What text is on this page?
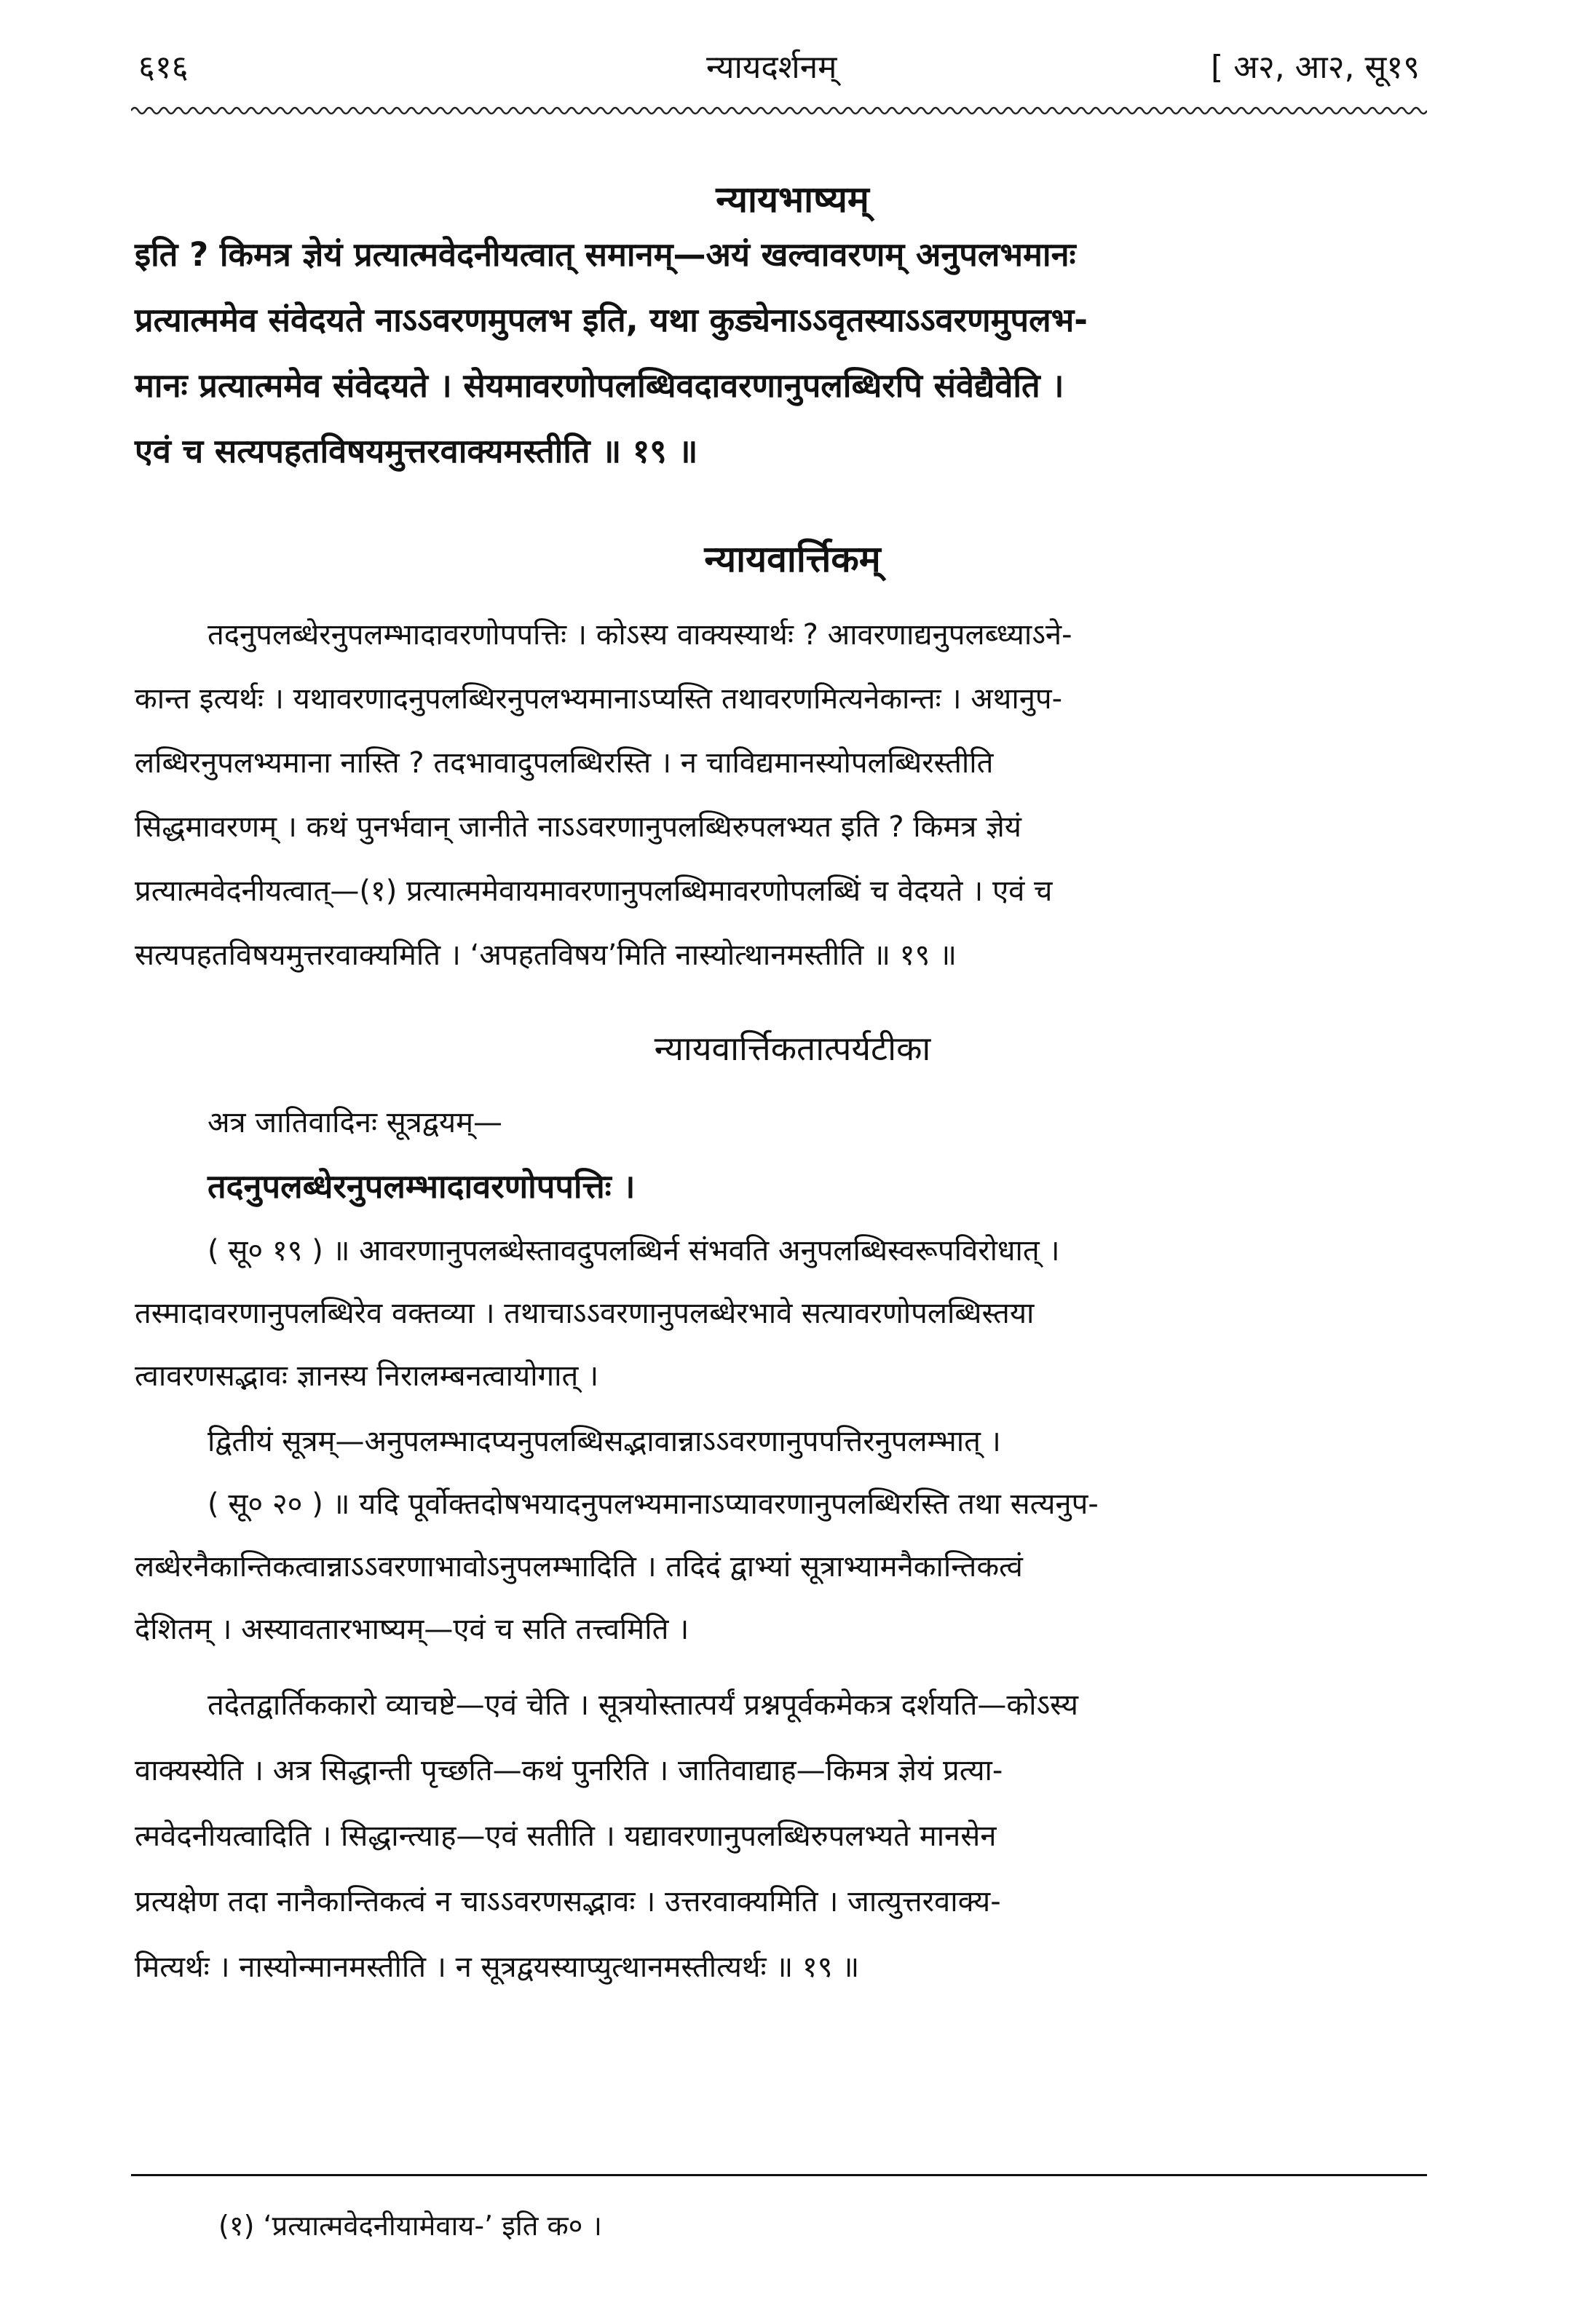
६१६	न्यायदर्शनम्	[ अ२, आ२, सू१९
न्यायभाष्यम्
इति ? किमत्र ज्ञेयं प्रत्यात्मवेदनीयत्वात् समानम्—अयं खल्वावरणम् अनुपलभमानः
प्रत्यात्ममेव संवेदयते नाऽऽवरणमुपलभ इति, यथा कुड्येनाऽऽवृतस्याऽऽवरणमुपलभ-
मानः प्रत्यात्ममेव संवेदयते । सेयमावरणोपलब्धिवदावरणानुपलब्धिरपि संवेद्यैवेति ।
एवं च सत्यपहतविषयमुत्तरवाक्यमस्तीति ॥ १९ ॥
न्यायवार्त्तिकम्
तदनुपलब्धेरनुपलम्भादावरणोपपत्तिः । कोऽस्य वाक्यस्यार्थः ? आवरणाद्यनुपलब्ध्याऽने-
कान्त इत्यर्थः । यथावरणादनुपलब्धिरनुपलभ्यमानाऽप्यस्ति तथावरणमित्यनेकान्तः । अथानुप-
लब्धिरनुपलभ्यमाना नास्ति ? तदभावादुपलब्धिरस्ति । न चाविद्यमानस्योपलब्धिरस्तीति
सिद्धमावरणम् । कथं पुनर्भवान् जानीते नाऽऽवरणानुपलब्धिरुपलभ्यत इति ? किमत्र ज्ञेयं
प्रत्यात्मवेदनीयत्वात्—(१) प्रत्यात्ममेवायमावरणानुपलब्धिमावरणोपलब्धिं च वेदयते । एवं च
सत्यपहतविषयमुत्तरवाक्यमिति । ‘अपहतविषय’मिति नास्योत्थानमस्तीति ॥ १९ ॥
न्यायवार्त्तिकतात्पर्यटीका
अत्र जातिवादिनः सूत्रद्वयम्—
तदनुपलब्धेरनुपलम्भादावरणोपपत्तिः ।
( सू० १९ ) ॥ आवरणानुपलब्धेस्तावदुपलब्धिर्न संभवति अनुपलब्धिस्वरूपविरोधात् ।
तस्मादावरणानुपलब्धिरेव वक्तव्या । तथाचाऽऽवरणानुपलब्धेरभावे सत्यावरणोपलब्धिस्तया
त्वावरणसद्भावः ज्ञानस्य निरालम्बनत्वायोगात् ।
द्वितीयं सूत्रम्—अनुपलम्भादप्यनुपलब्धिसद्भावान्नाऽऽवरणानुपपत्तिरनुपलम्भात् ।
( सू० २० ) ॥ यदि पूर्वोक्तदोषभयादनुपलभ्यमानाऽप्यावरणानुपलब्धिरस्ति तथा सत्यनुप-
लब्धेरनैकान्तिकत्वान्नाऽऽवरणाभावोऽनुपलम्भादिति । तदिदं द्वाभ्यां सूत्राभ्यामनैकान्तिकत्वं
देशितम् । अस्यावतारभाष्यम्—एवं च सति तत्त्वमिति ।
तदेतद्वार्तिककारो व्याचष्टे—एवं चेति । सूत्रयोस्तात्पर्यं प्रश्नपूर्वकमेकत्र दर्शयति—कोऽस्य
वाक्यस्येति । अत्र सिद्धान्ती पृच्छति—कथं पुनरिति । जातिवाद्याह—किमत्र ज्ञेयं प्रत्या-
त्मवेदनीयत्वादिति । सिद्धान्त्याह—एवं सतीति । यद्यावरणानुपलब्धिरुपलभ्यते मानसेन
प्रत्यक्षेण तदा नानैकान्तिकत्वं न चाऽऽवरणसद्भावः । उत्तरवाक्यमिति । जात्युत्तरवाक्य-
मित्यर्थः । नास्योन्मानमस्तीति । न सूत्रद्वयस्याप्युत्थानमस्तीत्यर्थः ॥ १९ ॥
(१) ‘प्रत्यात्मवेदनीयामेवाय-’ इति क० ।
